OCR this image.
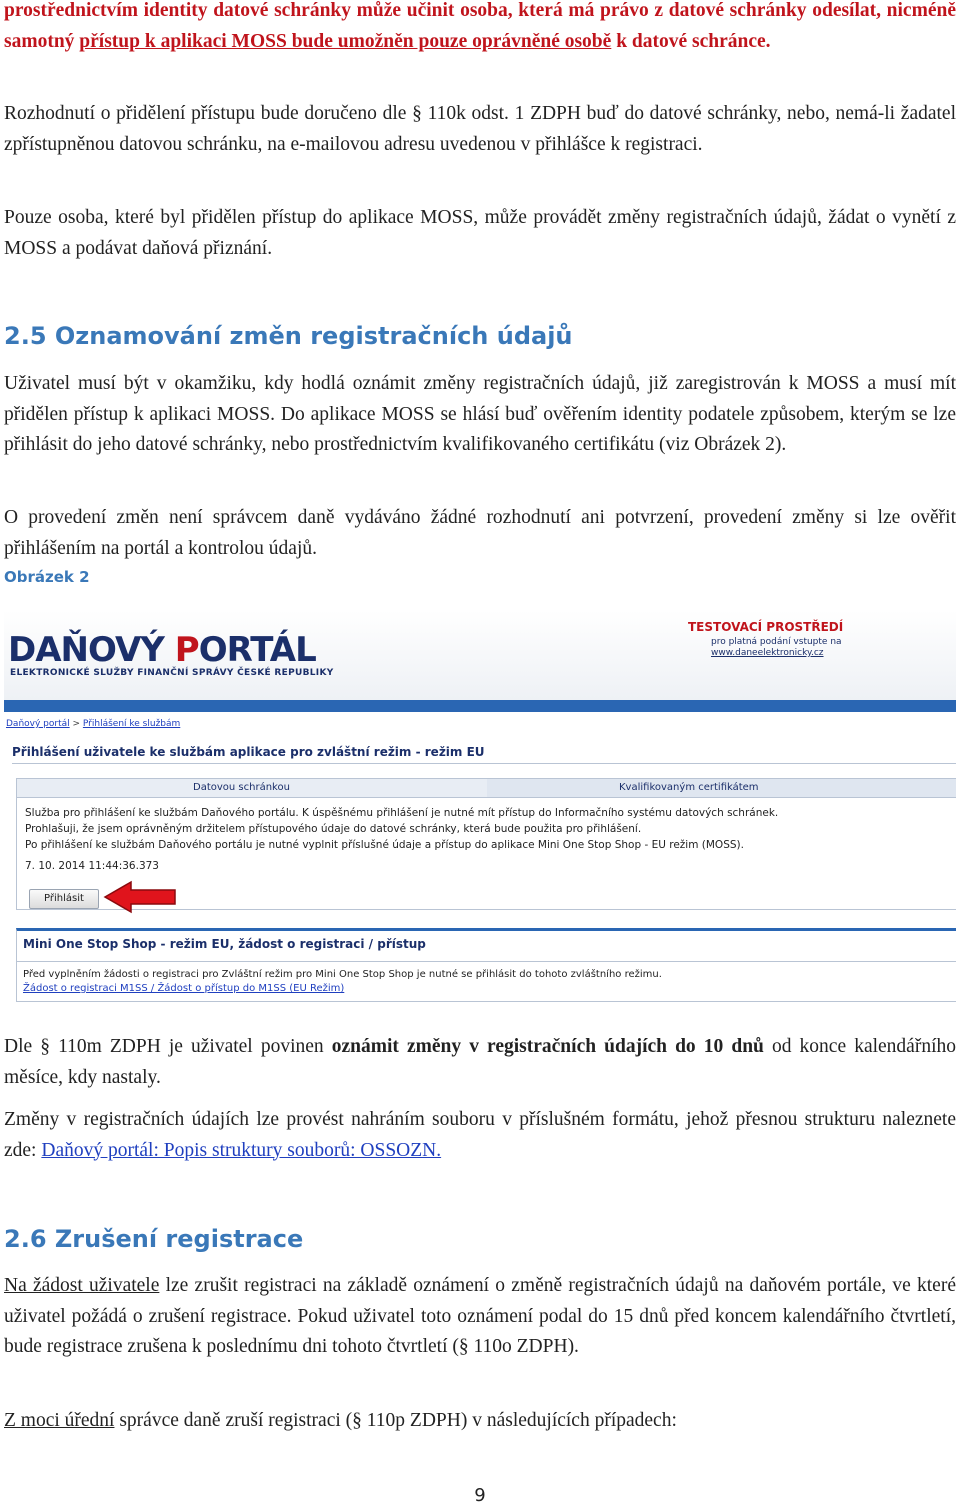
prostřednictvím identity datové schránky může učinit osoba, která má právo z datové schránky odesílat, nicméně samotný přístup k aplikaci MOSS bude umožněn pouze oprávněné osobě k datové schránce.

Rozhodnutí o přidělení přístupu bude doručeno dle § 110k odst. 1 ZDPH buď do datové schránky, nebo, nemá-li žadatel zpřístupněnou datovou schránku, na e-mailovou adresu uvedenou v přihlášce k registraci.

Pouze osoba, které byl přidělen přístup do aplikace MOSS, může provádět změny registračních údajů, žádat o vynětí z MOSS a podávat daňová přiznání.

2.5 Oznamování změn registračních údajů

Uživatel musí být v okamžiku, kdy hodlá oznámit změny registračních údajů, již zaregistrován k MOSS a musí mít přidělen přístup k aplikaci MOSS. Do aplikace MOSS se hlásí buď ověřením identity podatele způsobem, kterým se lze přihlásit do jeho datové schránky, nebo prostřednictvím kvalifikovaného certifikátu (viz Obrázek 2).

O provedení změn není správcem daně vydáváno žádné rozhodnutí ani potvrzení, provedení změny si lze ověřit přihlášením na portál a kontrolou údajů.

Obrázek 2
DAŇOVÝ PORTÁL
ELEKTRONICKÉ SLUŽBY FINANČNÍ SPRÁVY ČESKÉ REPUBLIKY
TESTOVACÍ PROSTŘEDÍ
pro platná podání vstupte na
www.daneelektronicky.cz
Daňový portál > Přihlášení ke službám
Přihlášení uživatele ke službám aplikace pro zvláštní režim - režim EU
Datovou schránkou	Kvalifikovaným certifikátem
Služba pro přihlášení ke službám Daňového portálu. K úspěšnému přihlášení je nutné mít přístup do Informačního systému datových schránek.
Prohlašuji, že jsem oprávněným držitelem přístupového údaje do datové schránky, která bude použita pro přihlášení.
Po přihlášení ke službám Daňového portálu je nutné vyplnit příslušné údaje a přístup do aplikace Mini One Stop Shop - EU režim (MOSS).
7. 10. 2014 11:44:36.373
Přihlásit
Mini One Stop Shop - režim EU, žádost o registraci / přístup
Před vyplněním žádosti o registraci pro Zvláštní režim pro Mini One Stop Shop je nutné se přihlásit do tohoto zvláštního režimu.
Žádost o registraci M1SS / Žádost o přístup do M1SS (EU Režim)

Dle § 110m ZDPH je uživatel povinen oznámit změny v registračních údajích do 10 dnů od konce kalendářního měsíce, kdy nastaly.

Změny v registračních údajích lze provést nahráním souboru v příslušném formátu, jehož přesnou strukturu naleznete zde: Daňový portál: Popis struktury souborů: OSSOZN.

2.6 Zrušení registrace

Na žádost uživatele lze zrušit registraci na základě oznámení o změně registračních údajů na daňovém portále, ve které uživatel požádá o zrušení registrace. Pokud uživatel toto oznámení podal do 15 dnů před koncem kalendářního čtvrtletí, bude registrace zrušena k poslednímu dni tohoto čtvrtletí (§ 110o ZDPH).

Z moci úřední správce daně zruší registraci (§ 110p ZDPH) v následujících případech:

9
